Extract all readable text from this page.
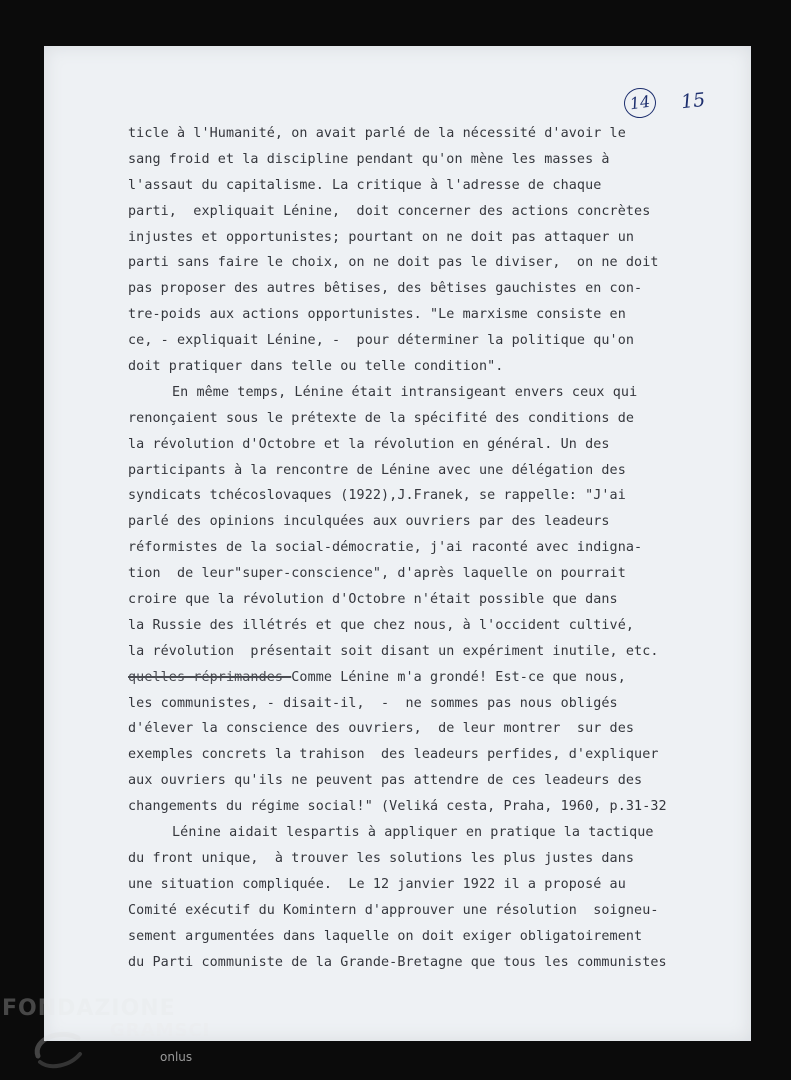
14	15
ticle à l'Humanité, on avait parlé de la nécessité d'avoir le
sang froid et la discipline pendant qu'on mène les masses à
l'assaut du capitalisme. La critique à l'adresse de chaque
parti,  expliquait Lénine,  doit concerner des actions concrètes
injustes et opportunistes; pourtant on ne doit pas attaquer un
parti sans faire le choix, on ne doit pas le diviser,  on ne doit
pas proposer des autres bêtises, des bêtises gauchistes en con-
tre-poids aux actions opportunistes. "Le marxisme consiste en
ce, - expliquait Lénine, -  pour déterminer la politique qu'on
doit pratiquer dans telle ou telle condition".
En même temps, Lénine était intransigeant envers ceux qui
renonçaient sous le prétexte de la spécifité des conditions de
la révolution d'Octobre et la révolution en général. Un des
participants à la rencontre de Lénine avec une délégation des
syndicats tchécoslovaques (1922),J.Franek, se rappelle: "J'ai
parlé des opinions inculquées aux ouvriers par des leadeurs
réformistes de la social-démocratie, j'ai raconté avec indigna-
tion  de leur"super-conscience", d'après laquelle on pourrait
croire que la révolution d'Octobre n'était possible que dans
la Russie des illétrés et que chez nous, à l'occident cultivé,
la révolution  présentait soit disant un expériment inutile, etc.
quelles réprimandes Comme Lénine m'a grondé! Est-ce que nous,
les communistes, - disait-il,  -  ne sommes pas nous obligés
d'élever la conscience des ouvriers,  de leur montrer  sur des
exemples concrets la trahison  des leadeurs perfides, d'expliquer
aux ouvriers qu'ils ne peuvent pas attendre de ces leadeurs des
changements du régime social!" (Veliká cesta, Praha, 1960, p.31-32
Lénine aidait lespartis à appliquer en pratique la tactique
du front unique,  à trouver les solutions les plus justes dans
une situation compliquée.  Le 12 janvier 1922 il a proposé au
Comité exécutif du Komintern d'approuver une résolution  soigneu-
sement argumentées dans laquelle on doit exiger obligatoirement
du Parti communiste de la Grande-Bretagne que tous les communistes
FONDAZIONE
GRAMSCI
onlus
